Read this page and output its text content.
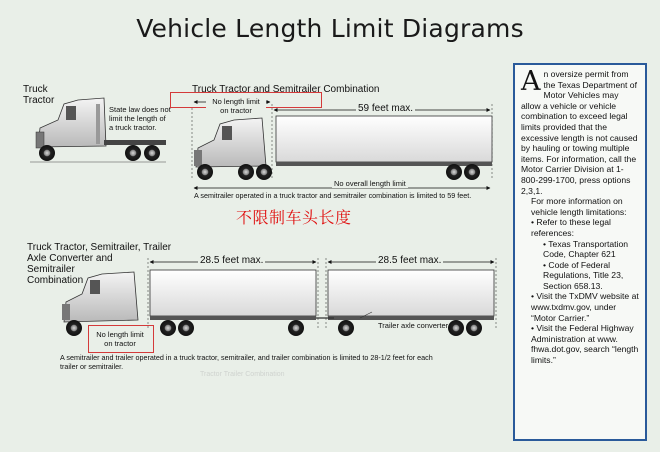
Vehicle Length Limit Diagrams
Truck
Tractor
State law does not
limit the length of
a truck tractor.
Truck Tractor and Semitrailer Combination
No length limit
on tractor	59 feet max.
No overall length limit
A semitrailer operated in a truck tractor and semitrailer combination is limited to 59 feet.
不限制车头长度
Truck Tractor, Semitrailer, Trailer
Axle Converter and
Semitrailer
Combination
28.5 feet max.	28.5 feet max.
No length limit
on tractor
Trailer axle converter
A semitrailer and trailer operated in a truck tractor, semitrailer, and trailer combination is limited to 28-1/2 feet for each
trailer or semitrailer.
Tractor Trailer Combination

An oversize permit from the Texas Department of Motor Vehicles may allow a vehicle or vehicle combination to exceed legal limits provided that the excessive length is not caused by hauling or towing multiple items. For information, call the Motor Carrier Division at 1-800-299-1700, press options 2,3,1.

For more information on vehicle length limitations:

• Refer to these legal references:

• Texas Transportation Code, Chapter 621

• Code of Federal Regulations, Title 23, Section 658.13.

• Visit the TxDMV website at www.txdmv.gov, under “Motor Carrier.”

• Visit the Federal Highway Administration at www. fhwa.dot.gov, search “length limits.”
